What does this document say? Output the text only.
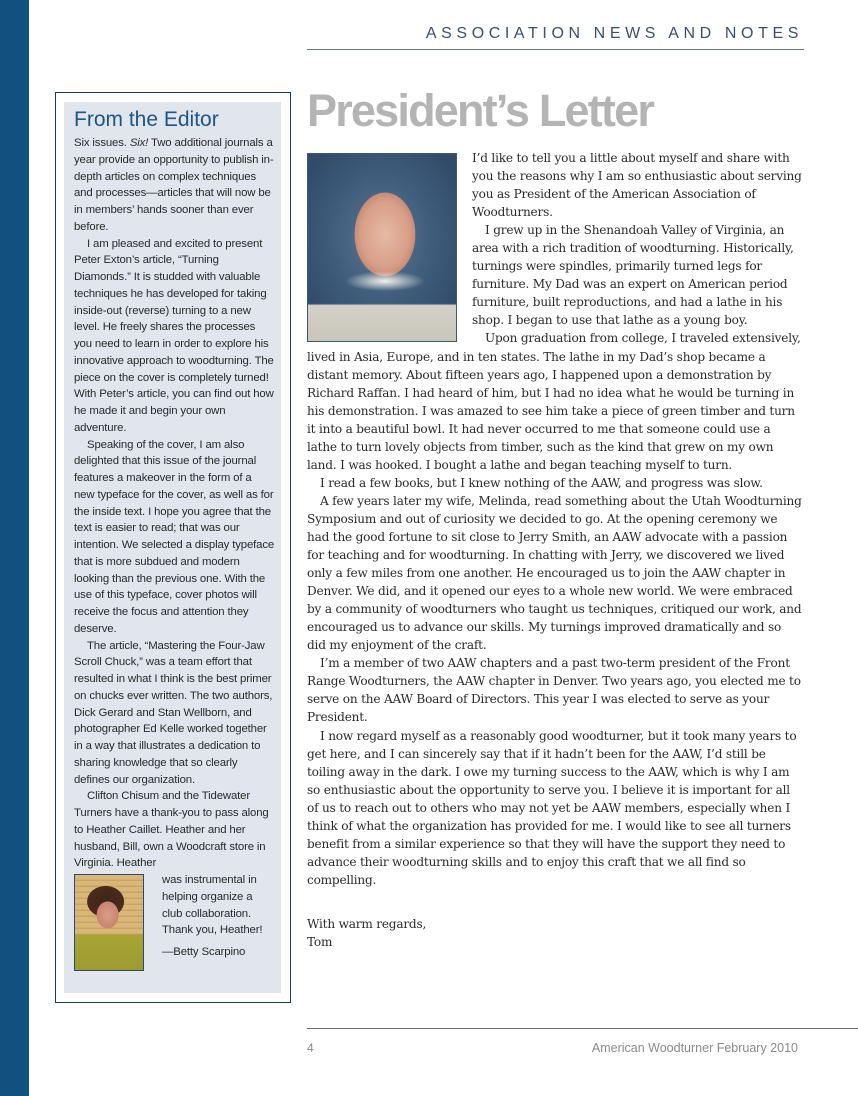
ASSOCIATION NEWS AND NOTES
From the Editor

Six issues. Six! Two additional journals a year provide an opportunity to publish in-depth articles on complex techniques and processes—articles that will now be in members’ hands sooner than ever before.

I am pleased and excited to present Peter Exton’s article, “Turning Diamonds.” It is studded with valuable techniques he has developed for taking inside-out (reverse) turning to a new level. He freely shares the processes you need to learn in order to explore his innovative approach to woodturning. The piece on the cover is completely turned! With Peter’s article, you can find out how he made it and begin your own adventure.

Speaking of the cover, I am also delighted that this issue of the journal features a makeover in the form of a new typeface for the cover, as well as for the inside text. I hope you agree that the text is easier to read; that was our intention. We selected a display typeface that is more subdued and modern looking than the previous one. With the use of this typeface, cover photos will receive the focus and attention they deserve.

The article, “Mastering the Four-Jaw Scroll Chuck,” was a team effort that resulted in what I think is the best primer on chucks ever written. The two authors, Dick Gerard and Stan Wellborn, and photographer Ed Kelle worked together in a way that illustrates a dedication to sharing knowledge that so clearly defines our organization.

Clifton Chisum and the Tidewater Turners have a thank-you to pass along to Heather Caillet. Heather and her husband, Bill, own a Woodcraft store in Virginia. Heather

was instrumental in

helping organize a

club collaboration.

Thank you, Heather!

—Betty Scarpino

President’s Letter

I’d like to tell you a little about myself and share with you the reasons why I am so enthusiastic about serving you as President of the American Association of Woodturners.

I grew up in the Shenandoah Valley of Virginia, an area with a rich tradition of woodturning. Historically, turnings were spindles, primarily turned legs for furniture. My Dad was an expert on American period furniture, built reproductions, and had a lathe in his shop. I began to use that lathe as a young boy.

Upon graduation from college, I traveled extensively, lived in Asia, Europe, and in ten states. The lathe in my Dad’s shop became a distant memory. About fifteen years ago, I happened upon a demonstration by Richard Raffan. I had heard of him, but I had no idea what he would be turning in his demonstration. I was amazed to see him take a piece of green timber and turn it into a beautiful bowl. It had never occurred to me that someone could use a lathe to turn lovely objects from timber, such as the kind that grew on my own land. I was hooked. I bought a lathe and began teaching myself to turn.

I read a few books, but I knew nothing of the AAW, and progress was slow.

A few years later my wife, Melinda, read something about the Utah Woodturning Symposium and out of curiosity we decided to go. At the opening ceremony we had the good fortune to sit close to Jerry Smith, an AAW advocate with a passion for teaching and for woodturning. In chatting with Jerry, we discovered we lived only a few miles from one another. He encouraged us to join the AAW chapter in Denver. We did, and it opened our eyes to a whole new world. We were embraced by a community of woodturners who taught us techniques, critiqued our work, and encouraged us to advance our skills. My turnings improved dramatically and so did my enjoyment of the craft.

I’m a member of two AAW chapters and a past two-term president of the Front Range Woodturners, the AAW chapter in Denver. Two years ago, you elected me to serve on the AAW Board of Directors. This year I was elected to serve as your President.

I now regard myself as a reasonably good woodturner, but it took many years to get here, and I can sincerely say that if it hadn’t been for the AAW, I’d still be toiling away in the dark. I owe my turning success to the AAW, which is why I am so enthusiastic about the opportunity to serve you. I believe it is important for all of us to reach out to others who may not yet be AAW members, especially when I think of what the organization has provided for me. I would like to see all turners benefit from a similar experience so that they will have the support they need to advance their woodturning skills and to enjoy this craft that we all find so compelling.

With warm regards,
Tom
4	American Woodturner February 2010
